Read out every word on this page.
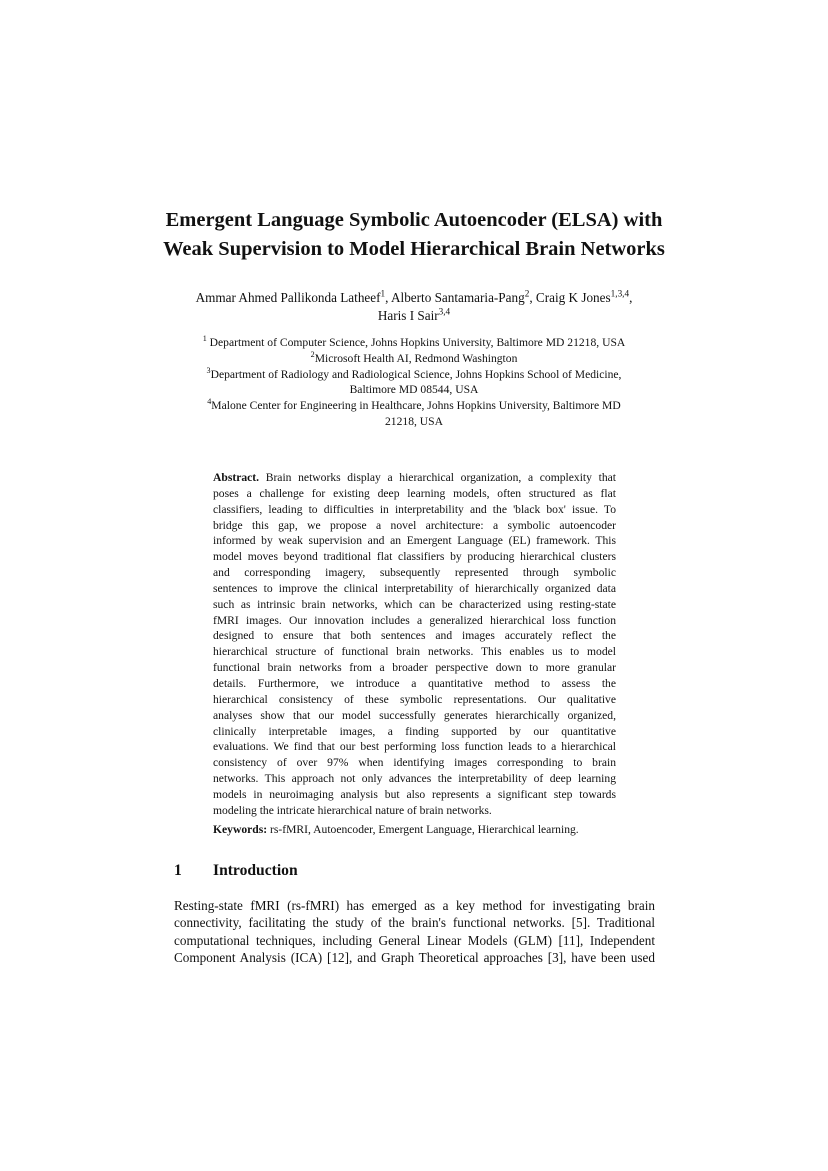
Emergent Language Symbolic Autoencoder (ELSA) with
Weak Supervision to Model Hierarchical Brain Networks
Ammar Ahmed Pallikonda Latheef$^1$, Alberto Santamaria-Pang$^2$, Craig K Jones$^{1,3,4}$,
Haris I Sair$^{3,4}$
$^1$ Department of Computer Science, Johns Hopkins University, Baltimore MD 21218, USA
$^2$Microsoft Health AI, Redmond Washington
$^3$Department of Radiology and Radiological Science, Johns Hopkins School of Medicine,
Baltimore MD 08544, USA
$^4$Malone Center for Engineering in Healthcare, Johns Hopkins University, Baltimore MD
21218, USA
Abstract. Brain networks display a hierarchical organization, a complexity that
poses a challenge for existing deep learning models, often structured as flat
classifiers, leading to difficulties in interpretability and the 'black box' issue. To
bridge this gap, we propose a novel architecture: a symbolic autoencoder
informed by weak supervision and an Emergent Language (EL) framework. This
model moves beyond traditional flat classifiers by producing hierarchical clusters
and corresponding imagery, subsequently represented through symbolic
sentences to improve the clinical interpretability of hierarchically organized data
such as intrinsic brain networks, which can be characterized using resting-state
fMRI images. Our innovation includes a generalized hierarchical loss function
designed to ensure that both sentences and images accurately reflect the
hierarchical structure of functional brain networks. This enables us to model
functional brain networks from a broader perspective down to more granular
details. Furthermore, we introduce a quantitative method to assess the
hierarchical consistency of these symbolic representations. Our qualitative
analyses show that our model successfully generates hierarchically organized,
clinically interpretable images, a finding supported by our quantitative
evaluations. We find that our best performing loss function leads to a hierarchical
consistency of over 97% when identifying images corresponding to brain
networks. This approach not only advances the interpretability of deep learning
models in neuroimaging analysis but also represents a significant step towards
modeling the intricate hierarchical nature of brain networks.
Keywords: rs-fMRI, Autoencoder, Emergent Language, Hierarchical learning.
1 Introduction
Resting-state fMRI (rs-fMRI) has emerged as a key method for investigating brain
connectivity, facilitating the study of the brain's functional networks. [5]. Traditional
computational techniques, including General Linear Models (GLM) [11], Independent
Component Analysis (ICA) [12], and Graph Theoretical approaches [3], have been used
